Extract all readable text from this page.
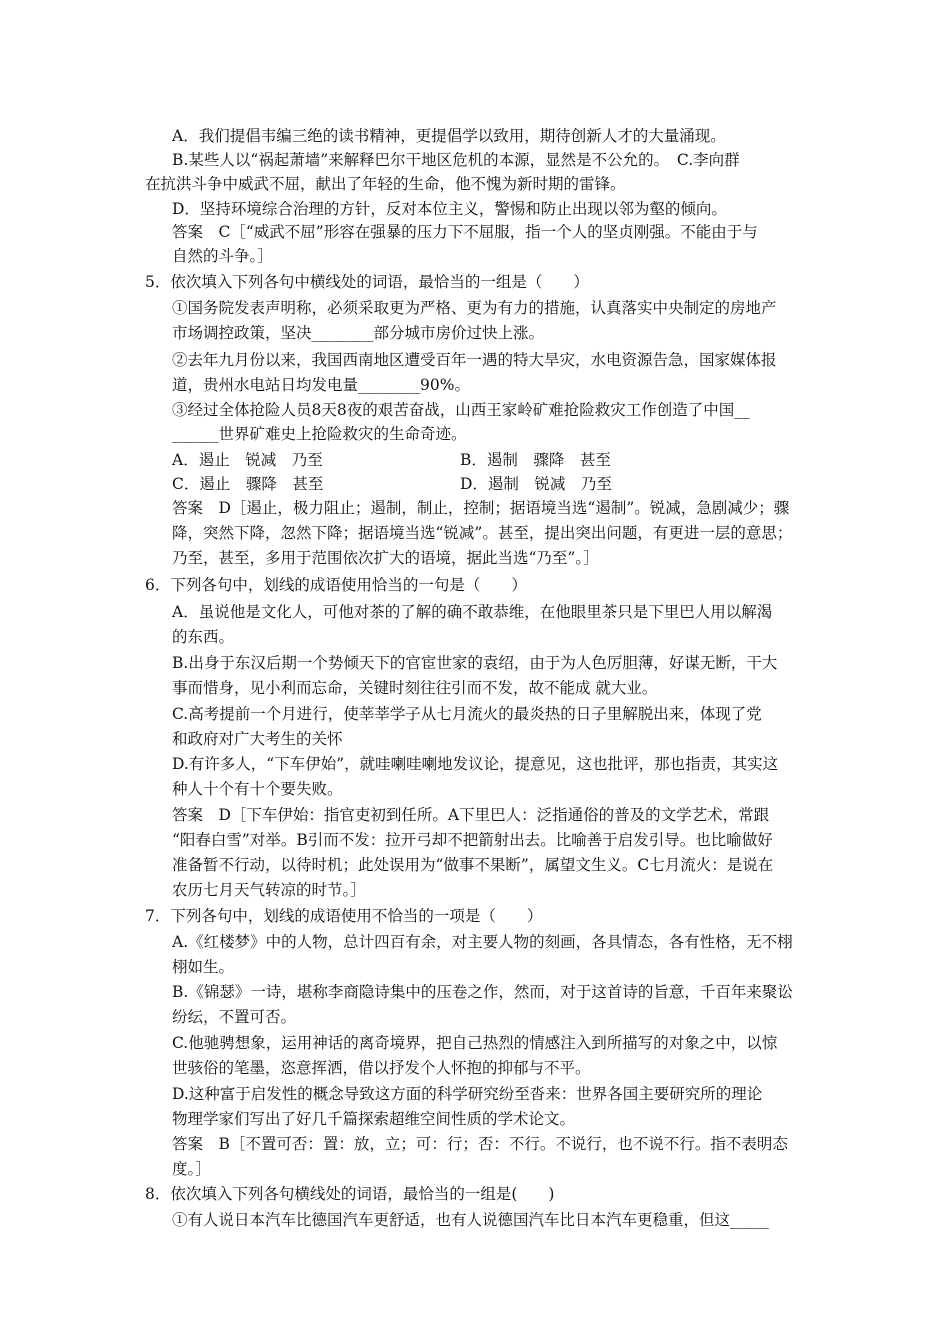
A．我们提倡韦编三绝的读书精神，更提倡学以致用，期待创新人才的大量涌现。
B.某些人以“祸起萧墙”来解释巴尔干地区危机的本源，显然是不公允的。　C.李向群
在抗洪斗争中威武不屈，献出了年轻的生命，他不愧为新时期的雷锋。
D．坚持环境综合治理的方针，反对本位主义，警惕和防止出现以邻为壑的倾向。
答案　C［“威武不屈”形容在强暴的压力下不屈服，指一个人的坚贞刚强。不能由于与
自然的斗争。］
5．依次填入下列各句中横线处的词语，最恰当的一组是（　　）
①国务院发表声明称，必须采取更为严格、更为有力的措施，认真落实中央制定的房地产
市场调控政策，坚决________部分城市房价过快上涨。
②去年九月份以来，我国西南地区遭受百年一遇的特大旱灾，水电资源告急，国家媒体报
道，贵州水电站日均发电量________90%。
③经过全体抢险人员8天8夜的艰苦奋战，山西王家岭矿难抢险救灾工作创造了中国__
______世界矿难史上抢险救灾的生命奇迹。
A．遏止　锐减　乃至	B．遏制　骤降　甚至
C．遏止　骤降　甚至	D．遏制　锐减　乃至
答案　D［遏止，极力阻止；遏制，制止，控制；据语境当选“遏制”。锐减，急剧减少；骤
降，突然下降，忽然下降；据语境当选“锐减”。甚至，提出突出问题，有更进一层的意思；
乃至，甚至，多用于范围依次扩大的语境，据此当选“乃至”。］
6．下列各句中，划线的成语使用恰当的一句是（　　）
A．虽说他是文化人，可他对茶的了解的确不敢恭维，在他眼里茶只是下里巴人用以解渴
的东西。
B.出身于东汉后期一个势倾天下的官宦世家的袁绍，由于为人色厉胆薄，好谋无断，干大
事而惜身，见小利而忘命，关键时刻往往引而不发，故不能成 就大业。
C.高考提前一个月进行，使莘莘学子从七月流火的最炎热的日子里解脱出来，体现了党
和政府对广大考生的关怀
D.有许多人，“下车伊始”，就哇喇哇喇地发议论，提意见，这也批评，那也指责，其实这
种人十个有十个要失败。
答案　D［下车伊始：指官吏初到任所。A下里巴人：泛指通俗的普及的文学艺术，常跟
“阳春白雪”对举。B引而不发：拉开弓却不把箭射出去。比喻善于启发引导。也比喻做好
准备暂不行动，以待时机；此处误用为“做事不果断”，属望文生义。C七月流火：是说在
农历七月天气转凉的时节。］
7．下列各句中，划线的成语使用不恰当的一项是（　　）
A.《红楼梦》中的人物，总计四百有余，对主要人物的刻画，各具情态，各有性格，无不栩
栩如生。
B.《锦瑟》一诗，堪称李商隐诗集中的压卷之作，然而，对于这首诗的旨意，千百年来聚讼
纷纭，不置可否。
C.他驰骋想象，运用神话的离奇境界，把自己热烈的情感注入到所描写的对象之中，以惊
世骇俗的笔墨，恣意挥洒，借以抒发个人怀抱的抑郁与不平。
D.这种富于启发性的概念导致这方面的科学研究纷至沓来：世界各国主要研究所的理论
物理学家们写出了好几千篇探索超维空间性质的学术论文。
答案　B［不置可否：置：放，立；可：行；否：不行。不说行，也不说不行。指不表明态
度。］
8．依次填入下列各句横线处的词语，最恰当的一组是(　　)
①有人说日本汽车比德国汽车更舒适，也有人说德国汽车比日本汽车更稳重，但这_____
